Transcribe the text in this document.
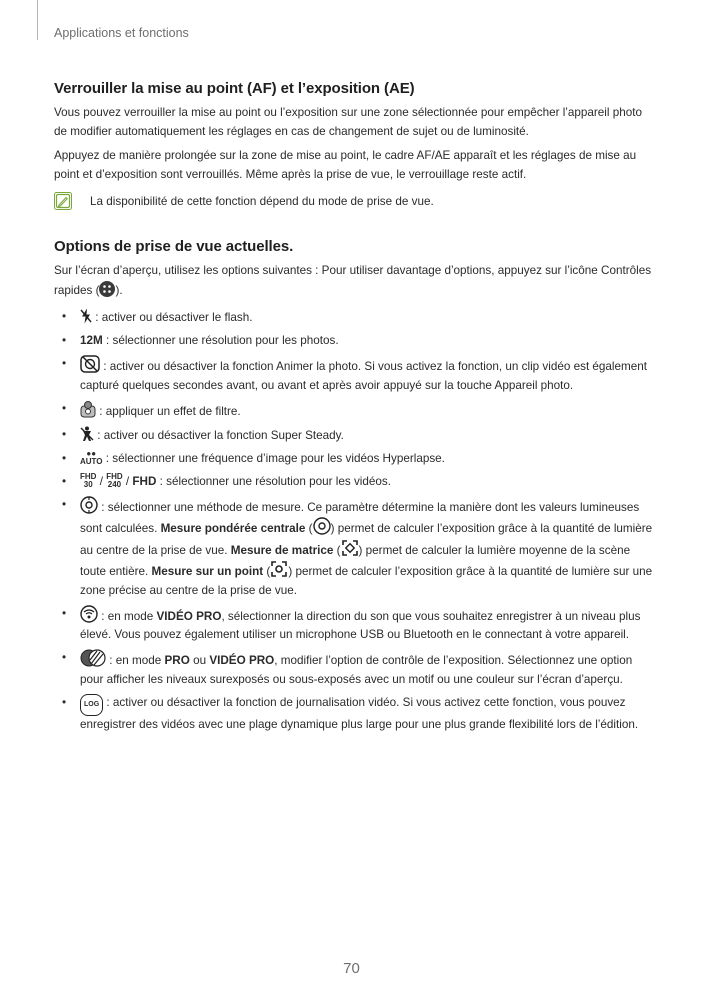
Applications et fonctions
Verrouiller la mise au point (AF) et l’exposition (AE)

Vous pouvez verrouiller la mise au point ou l’exposition sur une zone sélectionnée pour empêcher l’appareil photo de modifier automatiquement les réglages en cas de changement de sujet ou de luminosité.

Appuyez de manière prolongée sur la zone de mise au point, le cadre AF/AE apparaît et les réglages de mise au point et d’exposition sont verrouillés. Même après la prise de vue, le verrouillage reste actif.

La disponibilité de cette fonction dépend du mode de prise de vue.
Options de prise de vue actuelles.

Sur l’écran d’aperçu, utilisez les options suivantes : Pour utiliser davantage d’options, appuyez sur l’icône Contrôles rapides ( ).

• : activer ou désactiver le flash.
• 12M : sélectionner une résolution pour les photos.
•	: activer ou désactiver la fonction Animer la photo. Si vous activez la fonction, un clip vidéo est également capturé quelques secondes avant, ou avant et après avoir appuyé sur la touche Appareil photo.
•	: appliquer un effet de filtre.
•	: activer ou désactiver la fonction Super Steady.
•	●●
AUTO : sélectionner une fréquence d’image pour les vidéos Hyperlapse.
• FHD
30 / FHD
240 / FHD : sélectionner une résolution pour les vidéos.
•	: sélectionner une méthode de mesure. Ce paramètre détermine la manière dont les valeurs lumineuses sont calculées. Mesure pondérée centrale ( ) permet de calculer l’exposition grâce à la quantité de lumière au centre de la prise de vue. Mesure de matrice ( ) permet de calculer la lumière moyenne de la scène toute entière. Mesure sur un point ( ) permet de calculer l’exposition grâce à la quantité de lumière sur une zone précise au centre de la prise de vue.
•	: en mode VIDÉO PRO, sélectionner la direction du son que vous souhaitez enregistrer à un niveau plus élevé. Vous pouvez également utiliser un microphone USB ou Bluetooth en le connectant à votre appareil.
•	: en mode PRO ou VIDÉO PRO, modifier l’option de contrôle de l’exposition. Sélectionnez une option pour afficher les niveaux surexposés ou sous-exposés avec un motif ou une couleur sur l’écran d’aperçu.
•	LOG : activer ou désactiver la fonction de journalisation vidéo. Si vous activez cette fonction, vous pouvez enregistrer des vidéos avec une plage dynamique plus large pour une plus grande flexibilité lors de l’édition.
70
